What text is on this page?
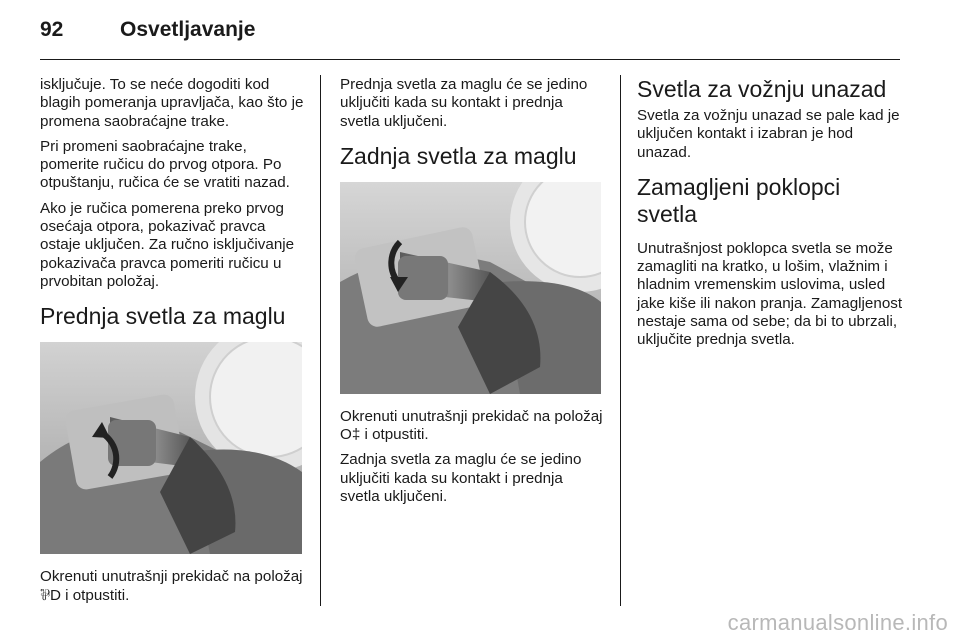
92	Osvetljavanje

isključuje. To se neće dogoditi kod blagih pomeranja upravljača, kao što je promena saobraćajne trake.

Pri promeni saobraćajne trake, pomerite ručicu do prvog otpora. Po otpuštanju, ručica će se vratiti nazad.

Ako je ručica pomerena preko prvog osećaja otpora, pokazivač pravca ostaje uključen. Za ručno isključivanje pokazivača pravca pomeriti ručicu u prvobitan položaj.

Prednja svetla za maglu

Okrenuti unutrašnji prekidač na položaj ⅌D i otpustiti.

Prednja svetla za maglu će se jedino uključiti kada su kontakt i prednja svetla uključeni.

Zadnja svetla za maglu

Okrenuti unutrašnji prekidač na položaj O‡ i otpustiti.

Zadnja svetla za maglu će se jedino uključiti kada su kontakt i prednja svetla uključeni.

Svetla za vožnju unazad

Svetla za vožnju unazad se pale kad je uključen kontakt i izabran je hod unazad.

Zamagljeni poklopci svetla

Unutrašnjost poklopca svetla se može zamagliti na kratko, u lošim, vlažnim i hladnim vremenskim uslovima, usled jake kiše ili nakon pranja. Zamagljenost nestaje sama od sebe; da bi to ubrzali, uključite prednja svetla.

carmanualsonline.info
